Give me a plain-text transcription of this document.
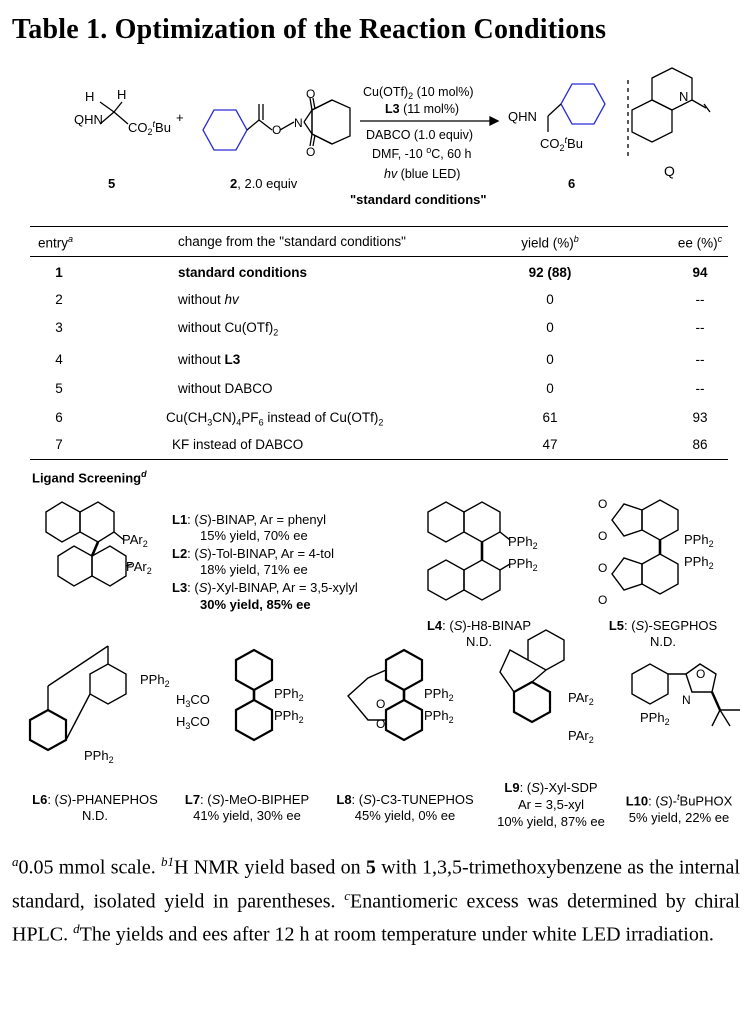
Table 1. Optimization of the Reaction Conditions
QHN
H H
$CO_2^tBu$
5
+
O N
O
O
2, 2.0 equiv
$Cu(OTf)_2$ (10 mol%)
L3 (11 mol%)
DABCO (1.0 equiv)
DMF, -10 $^o$C, 60 h
hv (blue LED)
"standard conditions"
QHN
$CO_2^tBu$
6
N
Q
entry$^a$	change from the "standard conditions"	yield (%)$^b$	ee (%)$^c$
1	standard conditions	92 (88)	94
2	without hv	0	--
3	without $Cu(OTf)_2$	0	--
4	without L3	0	--
5	without DABCO	0	--
6	$Cu(CH_3CN)_4PF_6$ instead of $Cu(OTf)_2$	61	93
7	KF instead of DABCO	47	86
Ligand Screening$^d$
PAr$_2$
PAr$_2$
PPh$_2$
PPh$_2$
PPh$_2$
PPh$_2$
O
O
O
O
PPh$_2$
PPh$_2$
$H_3CO$
$H_3CO$
PPh$_2$
PPh$_2$
O
O
PPh$_2$
PPh$_2$
PAr$_2$
PAr$_2$
PPh$_2$
O
N
L1: (S)-BINAP, Ar = phenyl
15% yield, 70% ee
L2: (S)-Tol-BINAP, Ar = 4-tol
18% yield, 71% ee
L3: (S)-Xyl-BINAP, Ar = 3,5-xylyl
30% yield, 85% ee
L4: (S)-H8-BINAP
N.D.
L5: (S)-SEGPHOS
N.D.
L6: (S)-PHANEPHOS
N.D.
L7: (S)-MeO-BIPHEP
41% yield, 30% ee
L8: (S)-C3-TUNEPHOS
45% yield, 0% ee
L9: (S)-Xyl-SDP
Ar = 3,5-xyl
10% yield, 87% ee
L10: (S)-$^t$BuPHOX
5% yield, 22% ee
$^a$0.05 mmol scale. $^{b1}$H NMR yield based on 5 with 1,3,5-trimethoxybenzene as the internal standard, isolated yield in parentheses. $^c$Enantiomeric excess was determined by chiral HPLC. $^d$The yields and ees after 12 h at room temperature under white LED irradiation.
